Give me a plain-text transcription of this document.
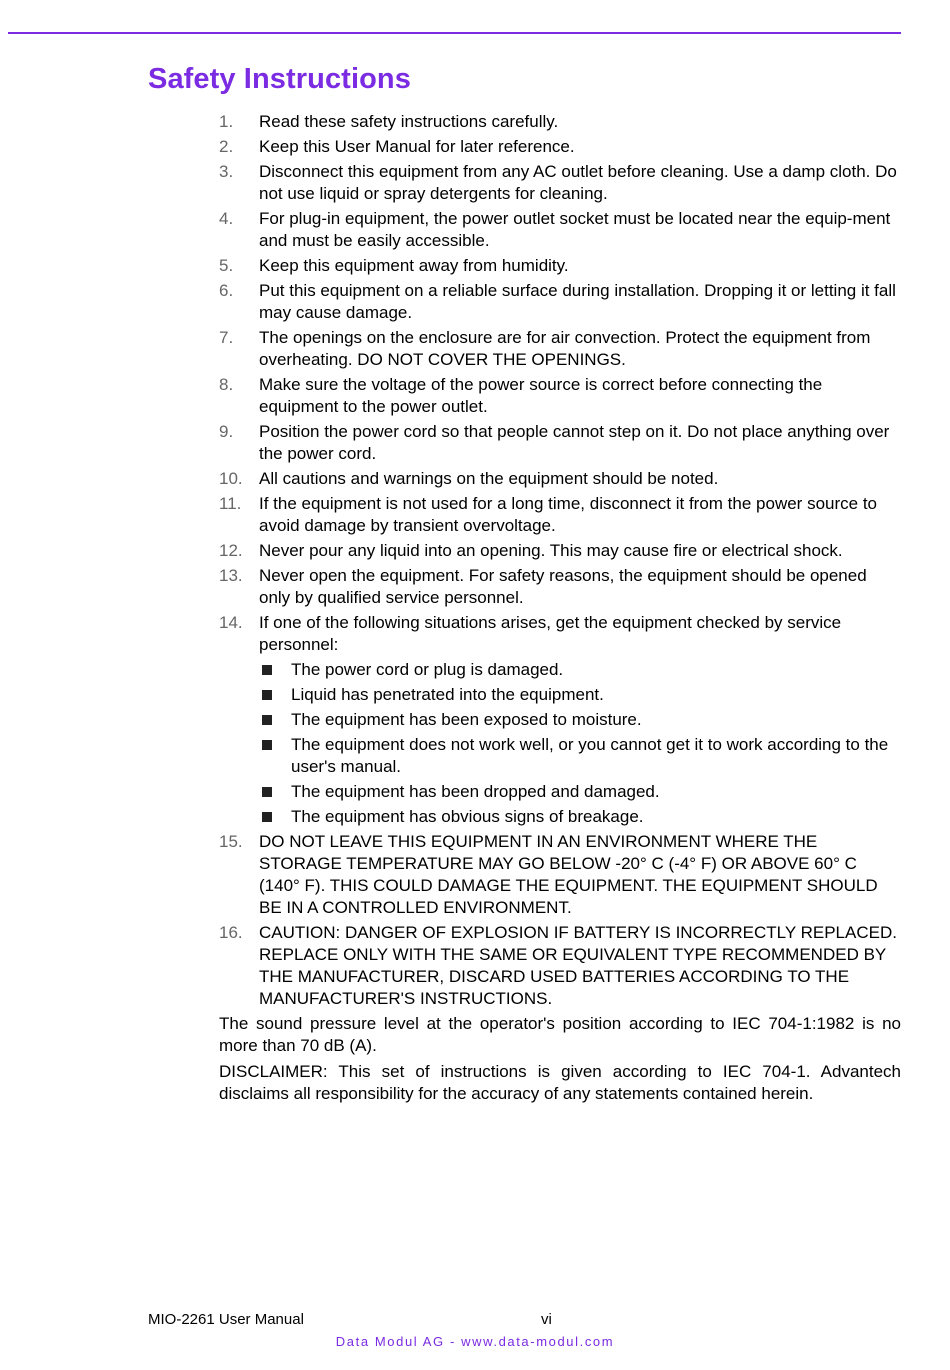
Safety Instructions
1. Read these safety instructions carefully.
2. Keep this User Manual for later reference.
3. Disconnect this equipment from any AC outlet before cleaning. Use a damp cloth. Do not use liquid or spray detergents for cleaning.
4. For plug-in equipment, the power outlet socket must be located near the equip-ment and must be easily accessible.
5. Keep this equipment away from humidity.
6. Put this equipment on a reliable surface during installation. Dropping it or letting it fall may cause damage.
7. The openings on the enclosure are for air convection. Protect the equipment from overheating. DO NOT COVER THE OPENINGS.
8. Make sure the voltage of the power source is correct before connecting the equipment to the power outlet.
9. Position the power cord so that people cannot step on it. Do not place anything over the power cord.
10. All cautions and warnings on the equipment should be noted.
11. If the equipment is not used for a long time, disconnect it from the power source to avoid damage by transient overvoltage.
12. Never pour any liquid into an opening. This may cause fire or electrical shock.
13. Never open the equipment. For safety reasons, the equipment should be opened only by qualified service personnel.
14. If one of the following situations arises, get the equipment checked by service personnel:
The power cord or plug is damaged.
Liquid has penetrated into the equipment.
The equipment has been exposed to moisture.
The equipment does not work well, or you cannot get it to work according to the user's manual.
The equipment has been dropped and damaged.
The equipment has obvious signs of breakage.
15. DO NOT LEAVE THIS EQUIPMENT IN AN ENVIRONMENT WHERE THE STORAGE TEMPERATURE MAY GO BELOW -20° C (-4° F) OR ABOVE 60° C (140° F). THIS COULD DAMAGE THE EQUIPMENT. THE EQUIPMENT SHOULD BE IN A CONTROLLED ENVIRONMENT.
16. CAUTION: DANGER OF EXPLOSION IF BATTERY IS INCORRECTLY REPLACED. REPLACE ONLY WITH THE SAME OR EQUIVALENT TYPE RECOMMENDED BY THE MANUFACTURER, DISCARD USED BATTERIES ACCORDING TO THE MANUFACTURER'S INSTRUCTIONS.
The sound pressure level at the operator's position according to IEC 704-1:1982 is no more than 70 dB (A).
DISCLAIMER: This set of instructions is given according to IEC 704-1. Advantech disclaims all responsibility for the accuracy of any statements contained herein.
MIO-2261 User Manual	vi
Data Modul AG - www.data-modul.com
